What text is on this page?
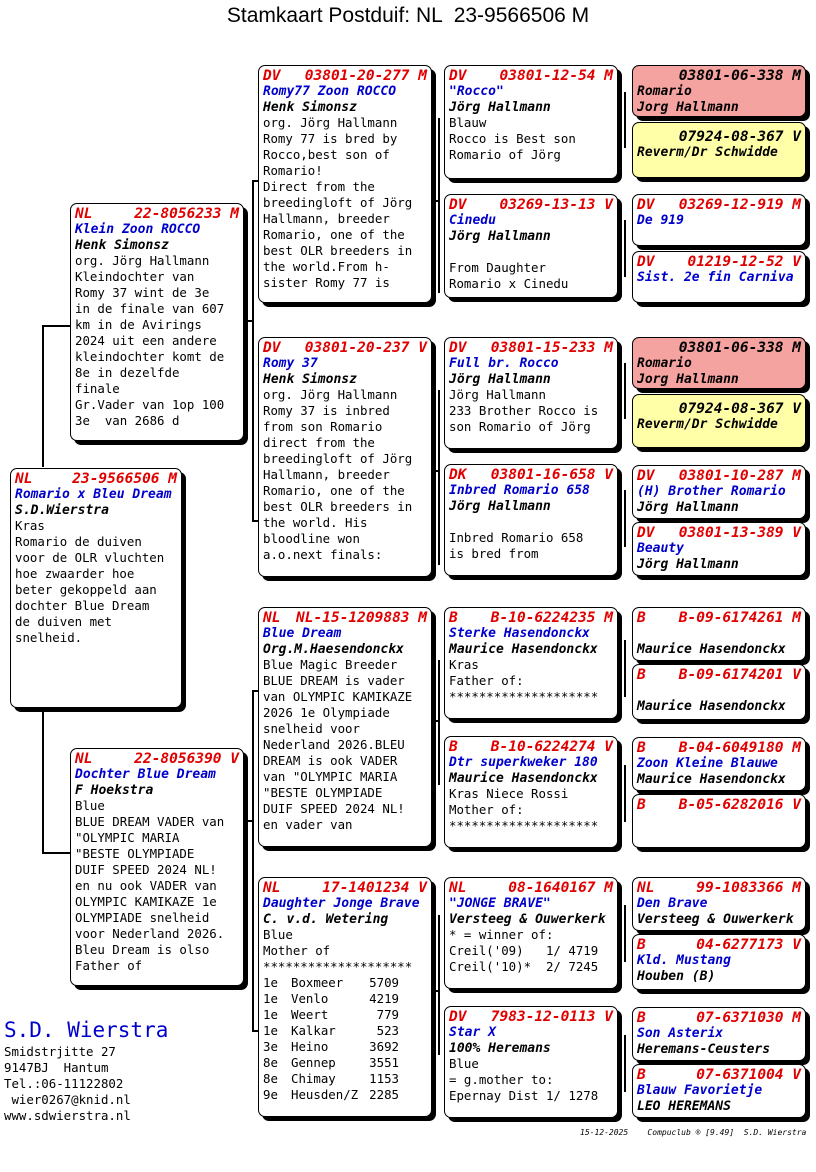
Stamkaart Postduif: NL  23-9566506 M
NL	23-9566506 M
Romario x Bleu Dream
S.D.Wierstra
Kras
Romario de duiven
voor de OLR vluchten
hoe zwaarder hoe
beter gekoppeld aan
dochter Blue Dream
de duiven met
snelheid.
NL	22-8056233 M
Klein Zoon ROCCO
Henk Simonsz
org. Jörg Hallmann
Kleindochter van
Romy 37 wint de 3e
in de finale van 607
km in de Avirings
2024 uit een andere
kleindochter komt de
8e in dezelfde
finale
Gr.Vader van 1op 100
3e  van 2686 d
NL	22-8056390 V
Dochter Blue Dream
F Hoekstra
Blue
BLUE DREAM VADER van
"OLYMPIC MARIA
"BESTE OLYMPIADE
DUIF SPEED 2024 NL!
en nu ook VADER van
OLYMPIC KAMIKAZE 1e
OLYMPIADE snelheid
voor Nederland 2026.
Bleu Dream is olso
Father of
DV 03801-20-277 M
Romy77 Zoon ROCCO
Henk Simonsz
org. Jörg Hallmann
Romy 77 is bred by
Rocco,best son of
Romario!
Direct from the
breedingloft of Jörg
Hallmann, breeder
Romario, one of the
best OLR breeders in
the world.From h-
sister Romy 77 is
DV 03801-20-237 V
Romy 37
Henk Simonsz
org. Jörg Hallmann
Romy 37 is inbred
from son Romario
direct from the
breedingloft of Jörg
Hallmann, breeder
Romario, one of the
best OLR breeders in
the world. His
bloodline won
a.o.next finals:
NL NL-15-1209883 M
Blue Dream
Org.M.Haesendonckx
Blue Magic Breeder
BLUE DREAM is vader
van OLYMPIC KAMIKAZE
2026 1e Olympiade
snelheid voor
Nederland 2026.BLEU
DREAM is ook VADER
van "OLYMPIC MARIA
"BESTE OLYMPIADE
DUIF SPEED 2024 NL!
en vader van
NL	17-1401234 V
Daughter Jonge Brave
C. v.d. Wetering
Blue
Mother of
********************
1e	Boxmeer	5709
1e	Venlo	4219
1e	Weert	779
1e	Kalkar	523
3e	Heino	3692
8e	Gennep	3551
8e	Chimay	1153
9e	Heusden/Z 2285
DV 03801-12-54 M
"Rocco"
Jörg Hallmann
Blauw
Rocco is Best son
Romario of Jörg
DV 03269-13-13 V
Cinedu
Jörg Hallmann

From Daughter
Romario x Cinedu
DV 03801-15-233 M
Full br. Rocco
Jörg Hallmann
Jörg Hallmann
233 Brother Rocco is
son Romario of Jörg
DK 03801-16-658 V
Inbred Romario 658
Jörg Hallmann

Inbred Romario 658
is bred from
B B-10-6224235 M
Sterke Hasendonckx
Maurice Hasendonckx
Kras
Father of:
********************
B B-10-6224274 V
Dtr superkweker 180
Maurice Hasendonckx
Kras Niece Rossi
Mother of:
********************
NL	08-1640167 M
"JONGE BRAVE"
Versteeg & Ouwerkerk
* = winner of:
Creil('09)   1/ 4719
Creil('10)*  2/ 7245
DV 7983-12-0113 V
Star X
100% Heremans
Blue
= g.mother to:
Epernay Dist 1/ 1278
03801-06-338 M
Romario
Jorg Hallmann
07924-08-367 V
Reverm/Dr Schwidde
DV 03269-12-919 M
De 919
DV 01219-12-52 V
Sist. 2e fin Carniva
03801-06-338 M
Romario
Jorg Hallmann
07924-08-367 V
Reverm/Dr Schwidde
DV 03801-10-287 M
(H) Brother Romario
Jörg Hallmann
DV 03801-13-389 V
Beauty
Jörg Hallmann
B B-09-6174261 M

Maurice Hasendonckx
B B-09-6174201 V

Maurice Hasendonckx
B B-04-6049180 M
Zoon Kleine Blauwe
Maurice Hasendonckx
B B-05-6282016 V
NL	99-1083366 M
Den Brave
Versteeg & Ouwerkerk
B	04-6277173 V
Kld. Mustang
Houben (B)
B	07-6371030 M
Son Asterix
Heremans-Ceusters
B	07-6371004 V
Blauw Favorietje
LEO HEREMANS
S.D. Wierstra
Smidstrjitte 27
9147BJ  Hantum
Tel.:06-11122802
wier0267@knid.nl
www.sdwierstra.nl
15-12-2025    Compuclub ® [9.49]  S.D. Wierstra
